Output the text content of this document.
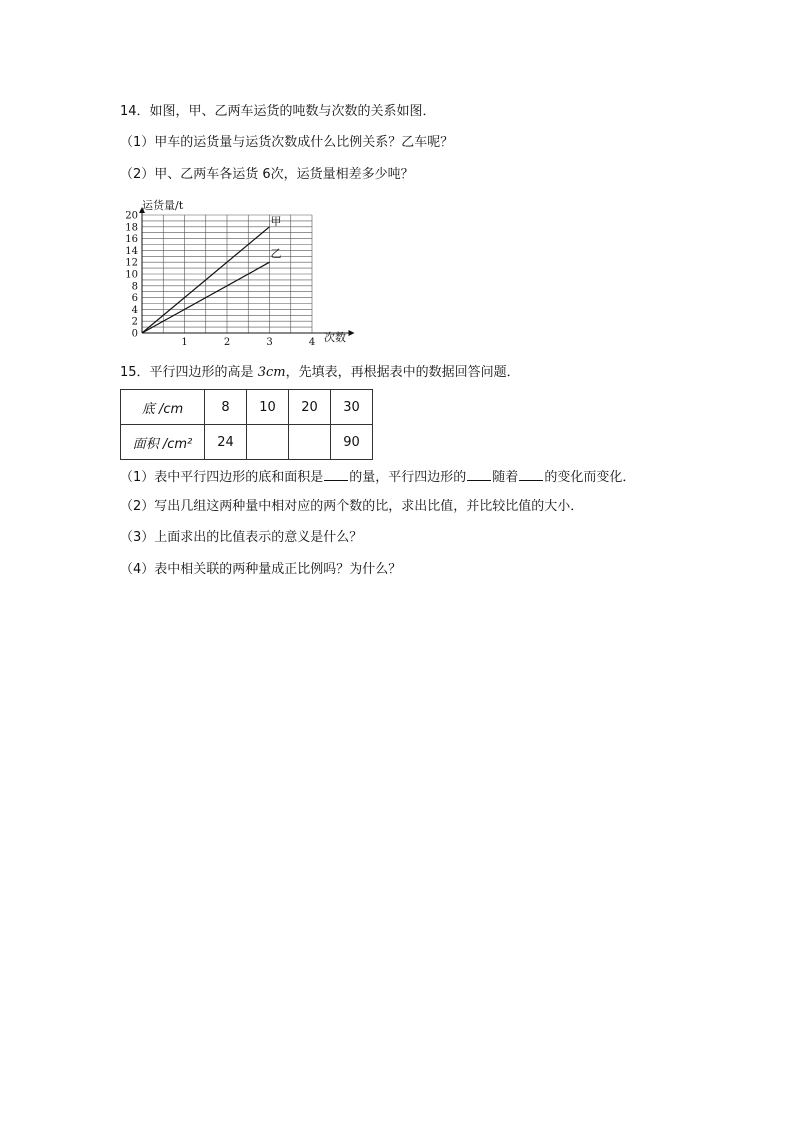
14．如图，甲、乙两车运货的吨数与次数的关系如图．
（1）甲车的运货量与运货次数成什么比例关系？乙车呢？
（2）甲、乙两车各运货 6次，运货量相差多少吨？
0
2
4
6
8
10
12
14
16
18
20
1	2	3	4
甲
乙
运货量/t
次数
15．平行四边形的高是 3cm，先填表，再根据表中的数据回答问题．
底 /cm	8	10	20	30
面积 /cm²	24			90
（1）表中平行四边形的底和面积是 的量，平行四边形的 随着 的变化而变化．
（2）写出几组这两种量中相对应的两个数的比，求出比值，并比较比值的大小．
（3）上面求出的比值表示的意义是什么？
（4）表中相关联的两种量成正比例吗？为什么？
